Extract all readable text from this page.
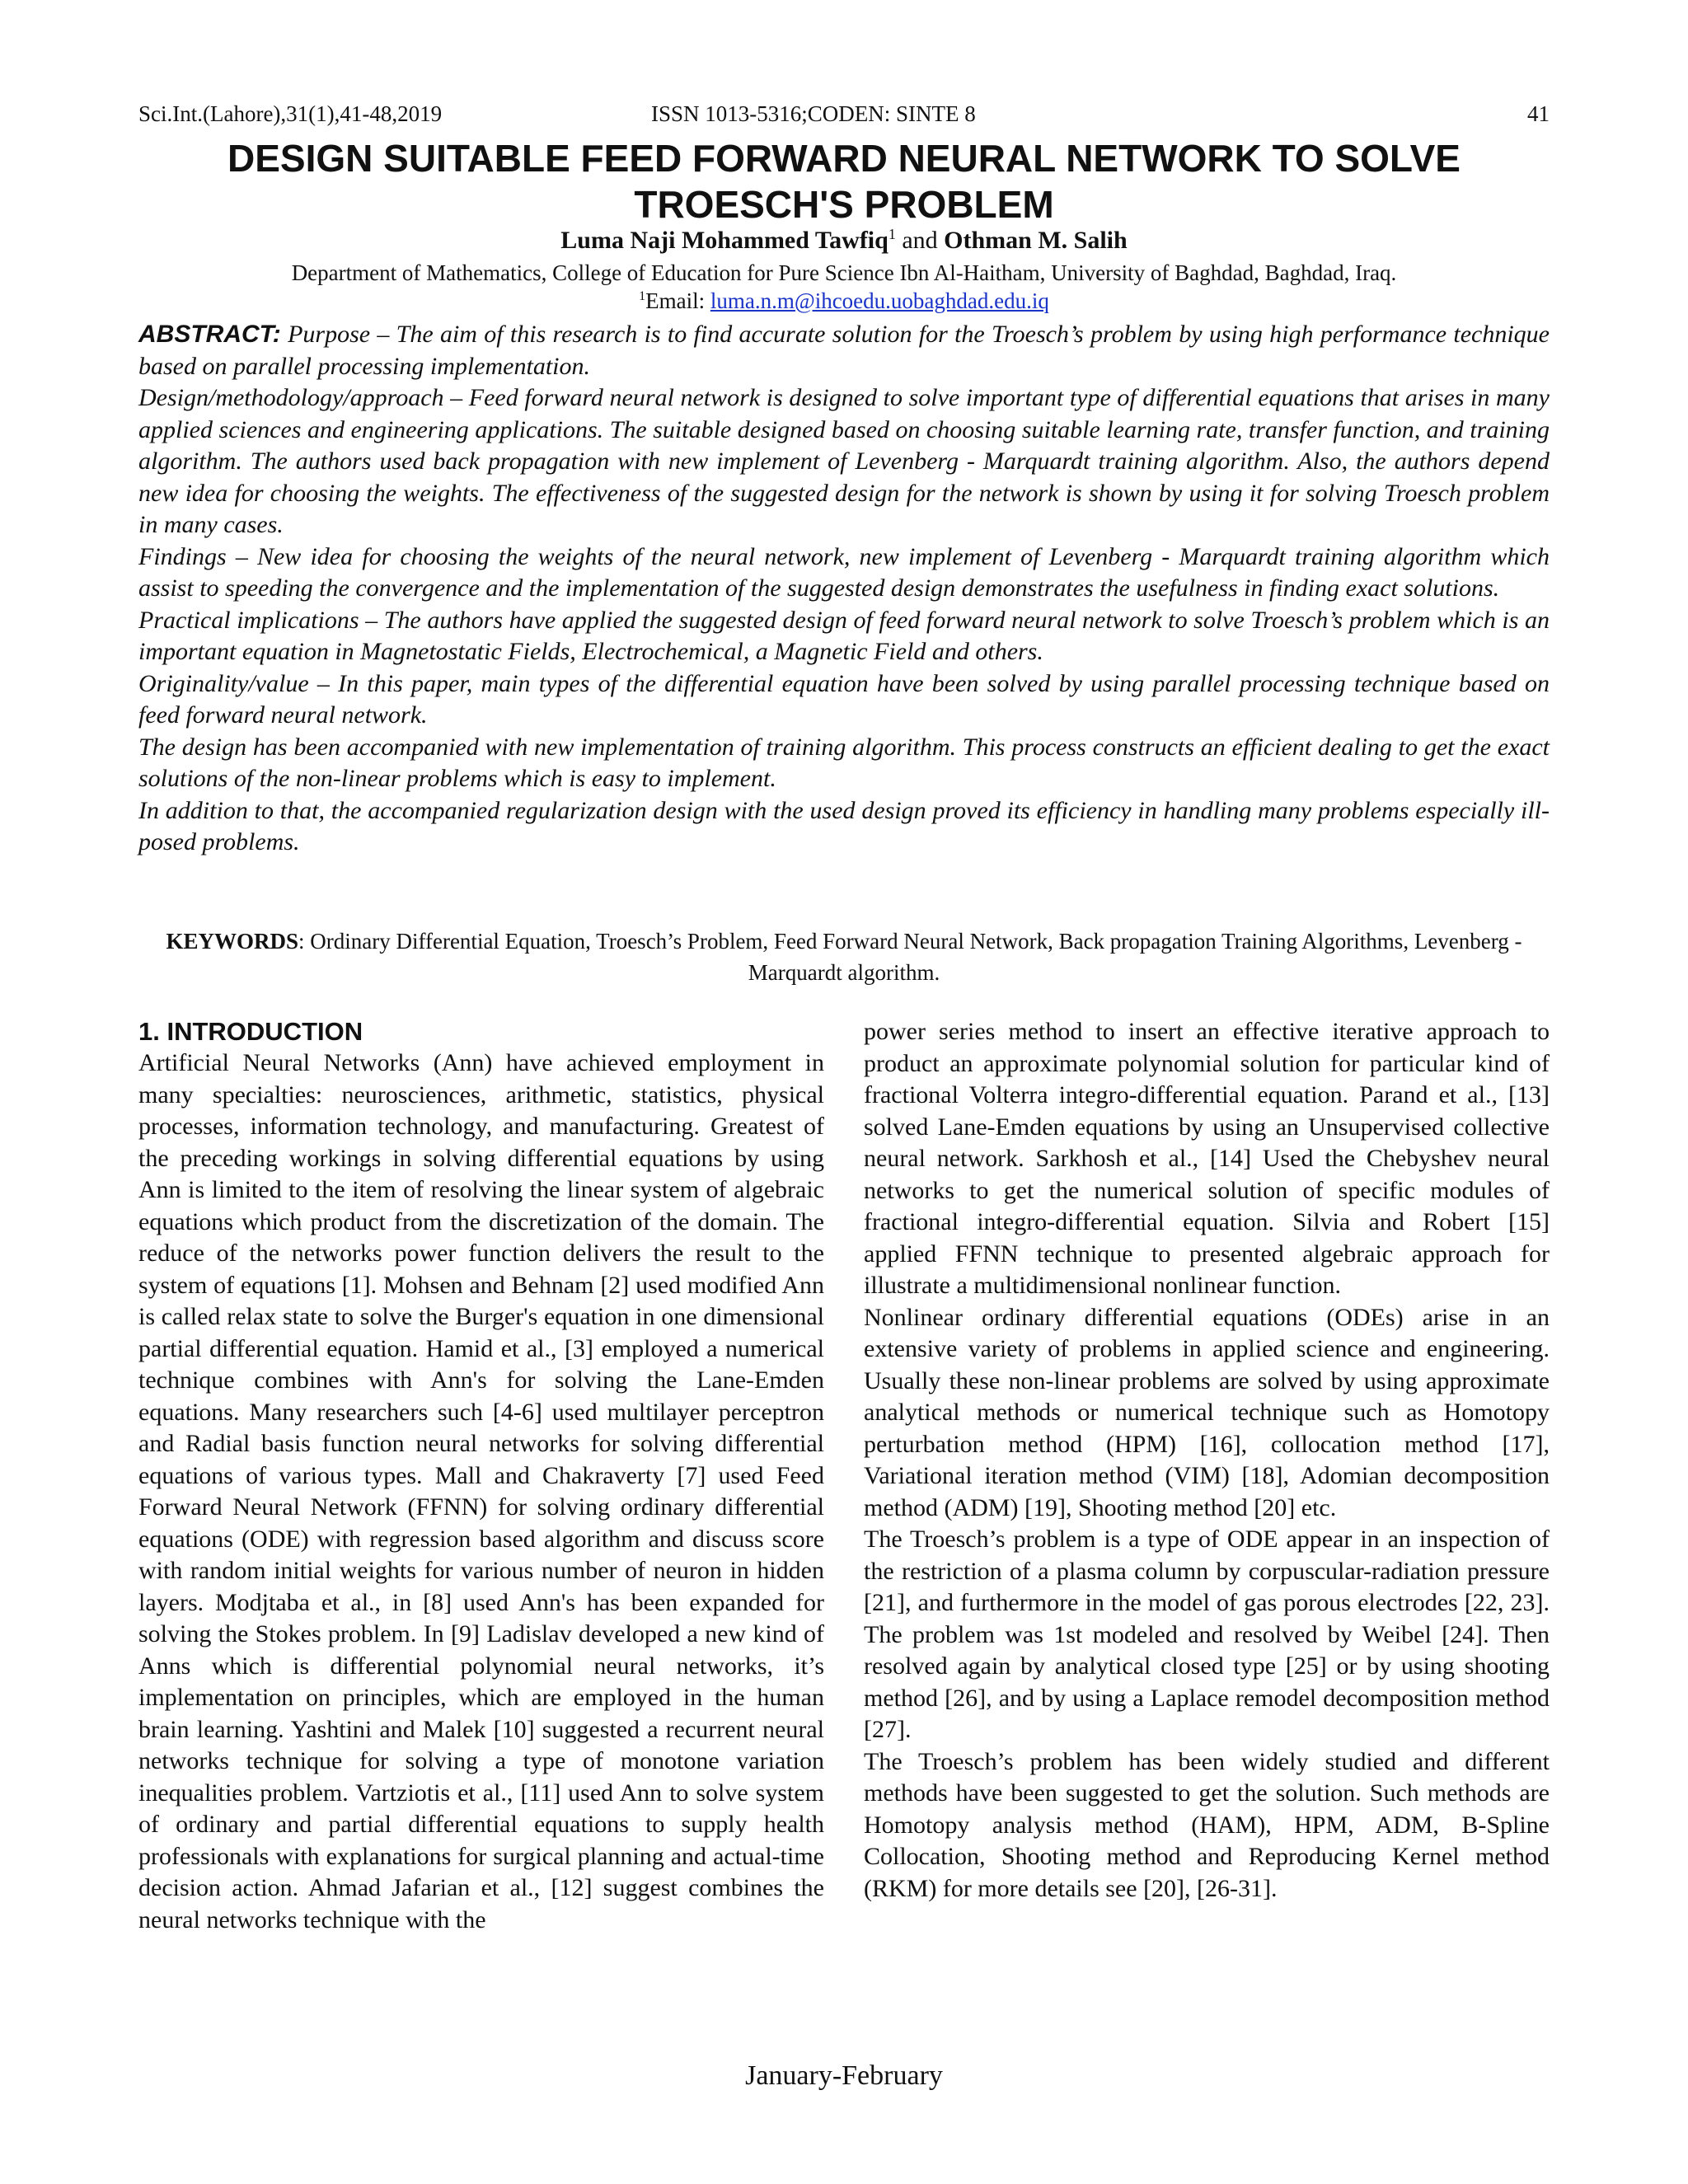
Sci.Int.(Lahore),31(1),41-48,2019	ISSN 1013-5316;CODEN: SINTE 8	41
DESIGN SUITABLE FEED FORWARD NEURAL NETWORK TO SOLVE
TROESCH'S PROBLEM
Luma Naji Mohammed Tawfiq$^1$ and Othman M. Salih
Department of Mathematics, College of Education for Pure Science Ibn Al-Haitham, University of Baghdad, Baghdad, Iraq.
$^1$Email: luma.n.m@ihcoedu.uobaghdad.edu.iq

ABSTRACT: Purpose – The aim of this research is to find accurate solution for the Troesch’s problem by using high performance technique based on parallel processing implementation.

Design/methodology/approach – Feed forward neural network is designed to solve important type of differential equations that arises in many applied sciences and engineering applications. The suitable designed based on choosing suitable learning rate, transfer function, and training algorithm. The authors used back propagation with new implement of Levenberg - Marquardt training algorithm. Also, the authors depend new idea for choosing the weights. The effectiveness of the suggested design for the network is shown by using it for solving Troesch problem in many cases.

Findings – New idea for choosing the weights of the neural network, new implement of Levenberg - Marquardt training algorithm which assist to speeding the convergence and the implementation of the suggested design demonstrates the usefulness in finding exact solutions.

Practical implications – The authors have applied the suggested design of feed forward neural network to solve Troesch’s problem which is an important equation in Magnetostatic Fields, Electrochemical, a Magnetic Field and others.

Originality/value – In this paper, main types of the differential equation have been solved by using parallel processing technique based on feed forward neural network.

The design has been accompanied with new implementation of training algorithm. This process constructs an efficient dealing to get the exact solutions of the non-linear problems which is easy to implement.

In addition to that, the accompanied regularization design with the used design proved its efficiency in handling many problems especially ill-posed problems.

KEYWORDS: Ordinary Differential Equation, Troesch’s Problem, Feed Forward Neural Network, Back propagation Training Algorithms, Levenberg - Marquardt algorithm.
1. INTRODUCTION

Artificial Neural Networks (Ann) have achieved employment in many specialties: neurosciences, arithmetic, statistics, physical processes, information technology, and manufacturing. Greatest of the preceding workings in solving differential equations by using Ann is limited to the item of resolving the linear system of algebraic equations which product from the discretization of the domain. The reduce of the networks power function delivers the result to the system of equations [1]. Mohsen and Behnam [2] used modified Ann is called relax state to solve the Burger's equation in one dimensional partial differential equation. Hamid et al., [3] employed a numerical technique combines with Ann's for solving the Lane-Emden equations. Many researchers such [4-6] used multilayer perceptron and Radial basis function neural networks for solving differential equations of various types. Mall and Chakraverty [7] used Feed Forward Neural Network (FFNN) for solving ordinary differential equations (ODE) with regression based algorithm and discuss score with random initial weights for various number of neuron in hidden layers. Modjtaba et al., in [8] used Ann's has been expanded for solving the Stokes problem. In [9] Ladislav developed a new kind of Anns which is differential polynomial neural networks, it’s implementation on principles, which are employed in the human brain learning. Yashtini and Malek [10] suggested a recurrent neural networks technique for solving a type of monotone variation inequalities problem. Vartziotis et al., [11] used Ann to solve system of ordinary and partial differential equations to supply health professionals with explanations for surgical planning and actual-time decision action. Ahmad Jafarian et al., [12] suggest combines the neural networks technique with the

power series method to insert an effective iterative approach to product an approximate polynomial solution for particular kind of fractional Volterra integro-differential equation. Parand et al., [13] solved Lane-Emden equations by using an Unsupervised collective neural network. Sarkhosh et al., [14] Used the Chebyshev neural networks to get the numerical solution of specific modules of fractional integro-differential equation. Silvia and Robert [15] applied FFNN technique to presented algebraic approach for illustrate a multidimensional nonlinear function.

Nonlinear ordinary differential equations (ODEs) arise in an extensive variety of problems in applied science and engineering. Usually these non-linear problems are solved by using approximate analytical methods or numerical technique such as Homotopy perturbation method (HPM) [16], collocation method [17], Variational iteration method (VIM) [18], Adomian decomposition method (ADM) [19], Shooting method [20] etc.

The Troesch’s problem is a type of ODE appear in an inspection of the restriction of a plasma column by corpuscular-radiation pressure [21], and furthermore in the model of gas porous electrodes [22, 23]. The problem was 1st modeled and resolved by Weibel [24]. Then resolved again by analytical closed type [25] or by using shooting method [26], and by using a Laplace remodel decomposition method [27].

The Troesch’s problem has been widely studied and different methods have been suggested to get the solution. Such methods are Homotopy analysis method (HAM), HPM, ADM, B-Spline Collocation, Shooting method and Reproducing Kernel method (RKM) for more details see [20], [26-31].

January-February
